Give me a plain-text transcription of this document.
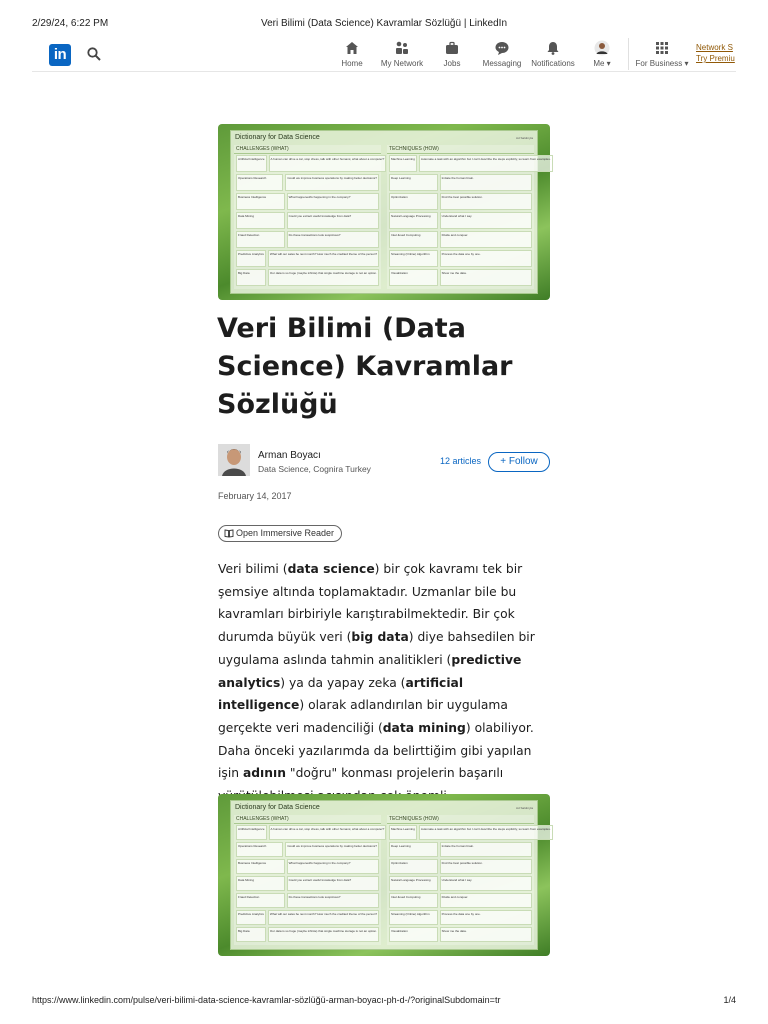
2/29/24, 6:22 PM	Veri Bilimi (Data Science) Kavramlar Sözlüğü | LinkedIn
in
Home My Network	Jobs	Messaging Notifications	Me ▾	For Business ▾
Network S
Try Premiu
Dictionary for Data Science	Ad Saldırıyla
CHALLENGES (WHAT)
Artificial Intelligence	A human can drive a car, stop chess, talk with other humans; what about a computer?
Operations Research	Could we improve business operations by making better decisions?
Business Intelligence	What happened/is happening in the company?
Data Mining	Could you extract useful knowledge from data?
Fraud Detection	Do these transactions look suspicious?
Predictive Analytics	What will our sales be next month? How much the credited theme of the person?
Big Data	Our data is so huge (maybe infinite) that single machine storage is not an option.
TECHNIQUES (HOW)
Machine Learning	Automate a task with an algorithm but I can't describe the steps explicitly, so learn from examples.
Deep Learning	Imitate the human brain.
Optimization	Find the best possible solution.
Natural Language Processing	Understand what I say.
Intel-fused Computing	Divide and conquer.
Streaming (Online) Algorithm	Process the data one by one.
Visualization	Show me the data.
Veri Bilimi (Data Science) Kavramlar Sözlüğü
Arman Boyacı
Data Science, Cognira Turkey
12 articles	+ Follow
February 14, 2017
Open Immersive Reader

Veri bilimi (data science) bir çok kavramı tek bir şemsiye altında toplamaktadır. Uzmanlar bile bu kavramları birbiriyle karıştırabilmektedir. Bir çok durumda büyük veri (big data) diye bahsedilen bir uygulama aslında tahmin analitikleri (predictive analytics) ya da yapay zeka (artificial intelligence) olarak adlandırılan bir uygulama gerçekte veri madenciliği (data mining) olabiliyor. Daha önceki yazılarımda da belirttiğim gibi yapılan işin adının "doğru" konması projelerin başarılı

Dictionary for Data Science	Ad Saldırıyla
CHALLENGES (WHAT)
Artificial Intelligence	A human can drive a car, stop chess, talk with other humans; what about a computer?
Operations Research	Could we improve business operations by making better decisions?
Business Intelligence	What happened/is happening in the company?
Data Mining	Could you extract useful knowledge from data?
Fraud Detection	Do these transactions look suspicious?
Predictive Analytics	What will our sales be next month? How much the credited theme of the person?
Big Data	Our data is so huge (maybe infinite) that single machine storage is not an option.
TECHNIQUES (HOW)
Machine Learning	Automate a task with an algorithm but I can't describe the steps explicitly, so learn from examples.
Deep Learning	Imitate the human brain.
Optimization	Find the best possible solution.
Natural Language Processing	Understand what I say.
Intel-fused Computing	Divide and conquer.
Streaming (Online) Algorithm	Process the data one by one.
Visualization	Show me the data.
https://www.linkedin.com/pulse/veri-bilimi-data-science-kavramlar-sözlüğü-arman-boyacı-ph-d-/?originalSubdomain=tr	1/4
